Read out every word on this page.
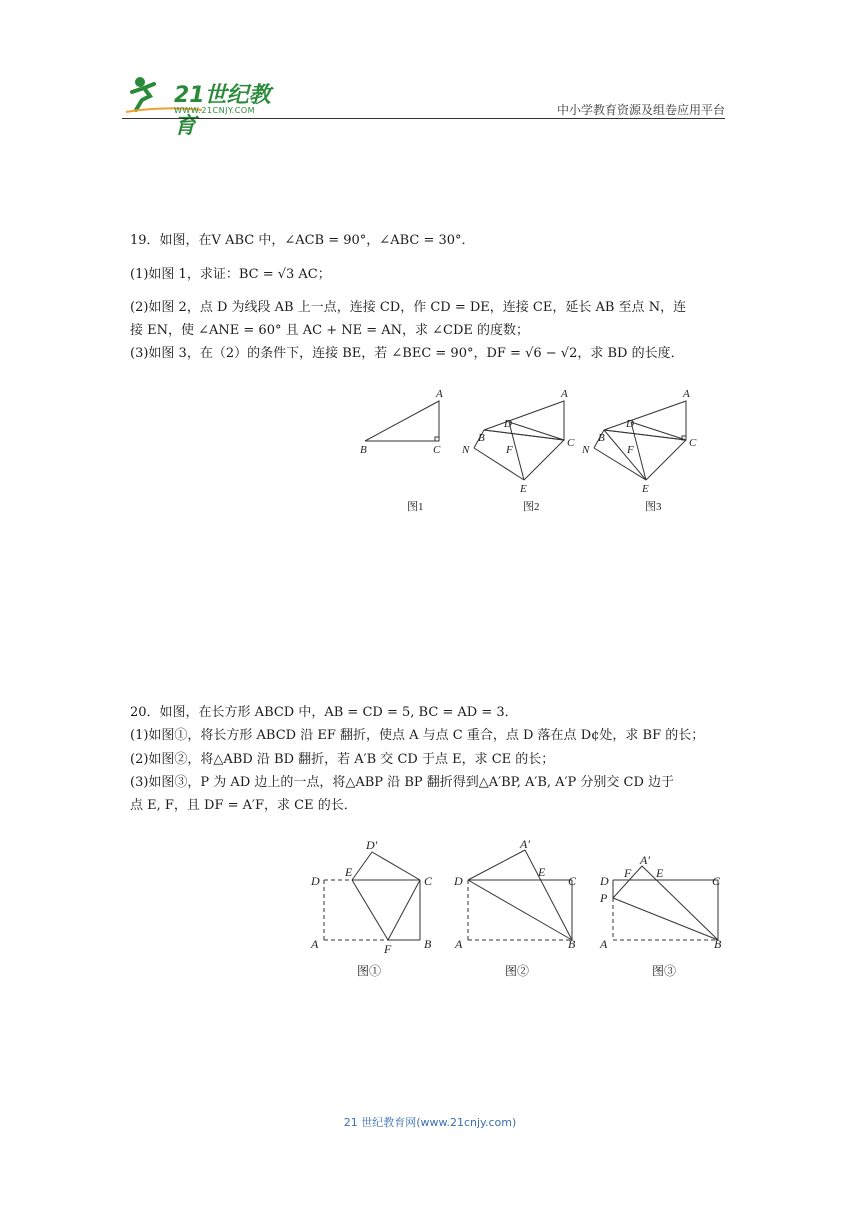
21世纪教育
WWW.21CNJY.COM	中小学教育资源及组卷应用平台
19．如图，在V ABC 中，∠ACB = 90°，∠ABC = 30°．
(1)如图 1，求证：BC = √3 AC；
(2)如图 2，点 D 为线段 AB 上一点，连接 CD，作 CD = DE，连接 CE，延长 AB 至点 N，连
接 EN，使 ∠ANE = 60° 且 AC + NE = AN，求 ∠CDE 的度数；
(3)如图 3，在（2）的条件下，连接 BE，若 ∠BEC = 90°，DF = √6 − √2，求 BD 的长度．
A
B	C
A
D
B	C
N	F
E
A
D
B	C
N	F
E
图1	图2	图3
20．如图，在长方形 ABCD 中，AB = CD = 5, BC = AD = 3．
(1)如图①，将长方形 ABCD 沿 EF 翻折，使点 A 与点 C 重合，点 D 落在点 D¢处，求 BF 的长；
(2)如图②，将△ABD 沿 BD 翻折，若 A′B 交 CD 于点 E，求 CE 的长；
(3)如图③，P 为 AD 边上的一点，将△ABP 沿 BP 翻折得到△A′BP, A′B, A′P 分别交 CD 边于
点 E, F，且 DF = A′F，求 CE 的长．
D′
D
E
C
A	F	B
A′
D
E
C
A	B
A′
D
F E
C
P
A	B
图①	图②	图③
21 世纪教育网(www.21cnjy.com)
